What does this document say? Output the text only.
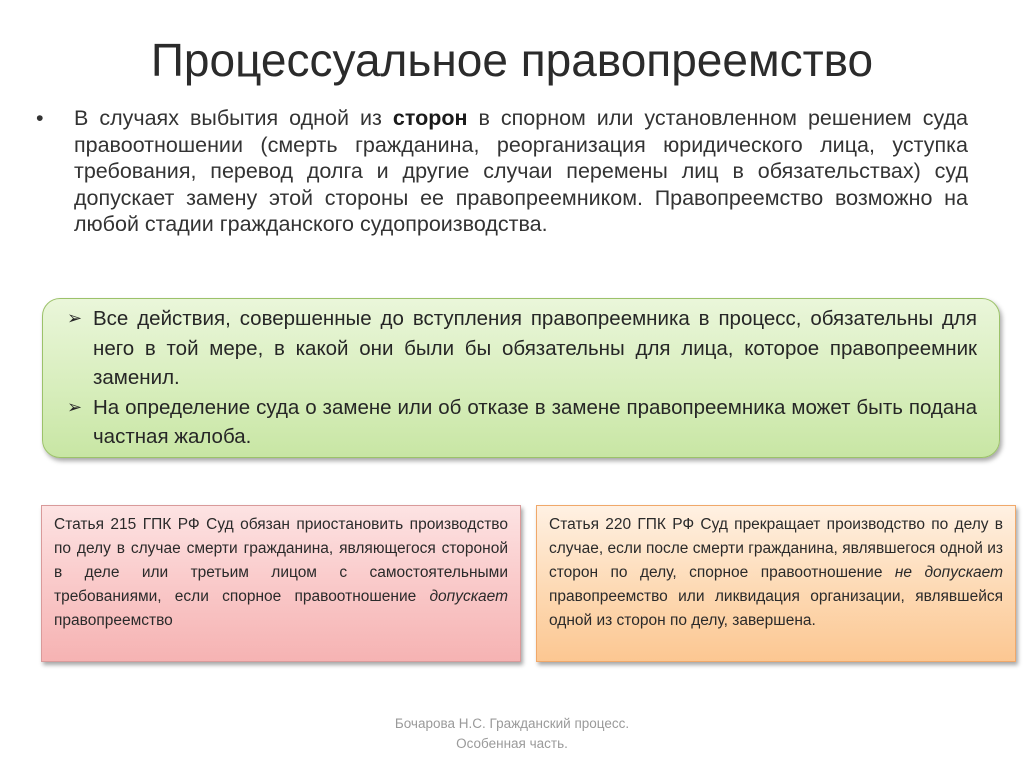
Процессуальное правопреемство
• В случаях выбытия одной из сторон в спорном или установленном решением суда правоотношении (смерть гражданина, реорганизация юридического лица, уступка требования, перевод долга и другие случаи перемены лиц в обязательствах) суд допускает замену этой стороны ее правопреемником. Правопреемство возможно на любой стадии гражданского судопроизводства.
➢ Все действия, совершенные до вступления правопреемника в процесс, обязательны для него в той мере, в какой они были бы обязательны для лица, которое правопреемник заменил.
➢ На определение суда о замене или об отказе в замене правопреемника может быть подана частная жалоба.
Статья 215 ГПК РФ Суд обязан приостановить производство по делу в случае смерти гражданина, являющегося стороной в деле или третьим лицом с самостоятельными требованиями, если спорное правоотношение допускает правопреемство
Статья 220 ГПК РФ Суд прекращает производство по делу в случае, если после смерти гражданина, являвшегося одной из сторон по делу, спорное правоотношение не допускает правопреемство или ликвидация организации, являвшейся одной из сторон по делу, завершена.
Бочарова Н.С. Гражданский процесс.
Особенная часть.
